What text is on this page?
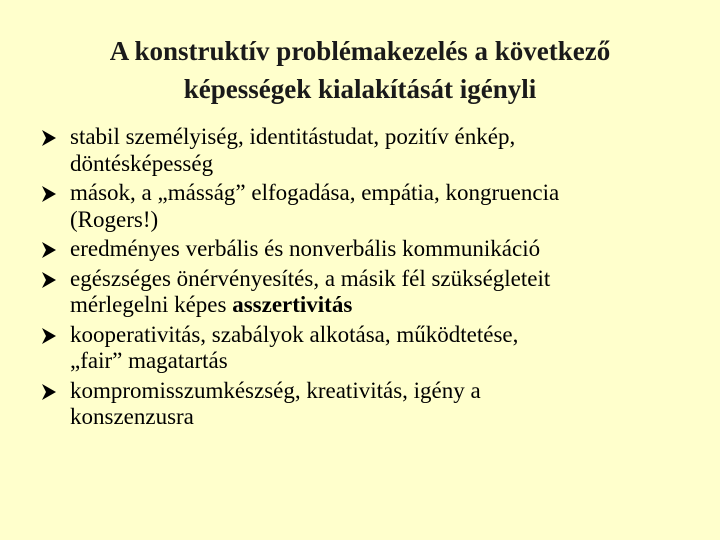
A konstruktív problémakezelés a következő
képességek kialakítását igényli
stabil személyiség, identitástudat, pozitív énkép,
döntésképesség
mások, a „másság” elfogadása, empátia, kongruencia
(Rogers!)
eredményes verbális és nonverbális kommunikáció
egészséges önérvényesítés, a másik fél szükségleteit
mérlegelni képes asszertivitás
kooperativitás, szabályok alkotása, működtetése,
„fair” magatartás
kompromisszumkészség, kreativitás, igény a
konszenzusra
